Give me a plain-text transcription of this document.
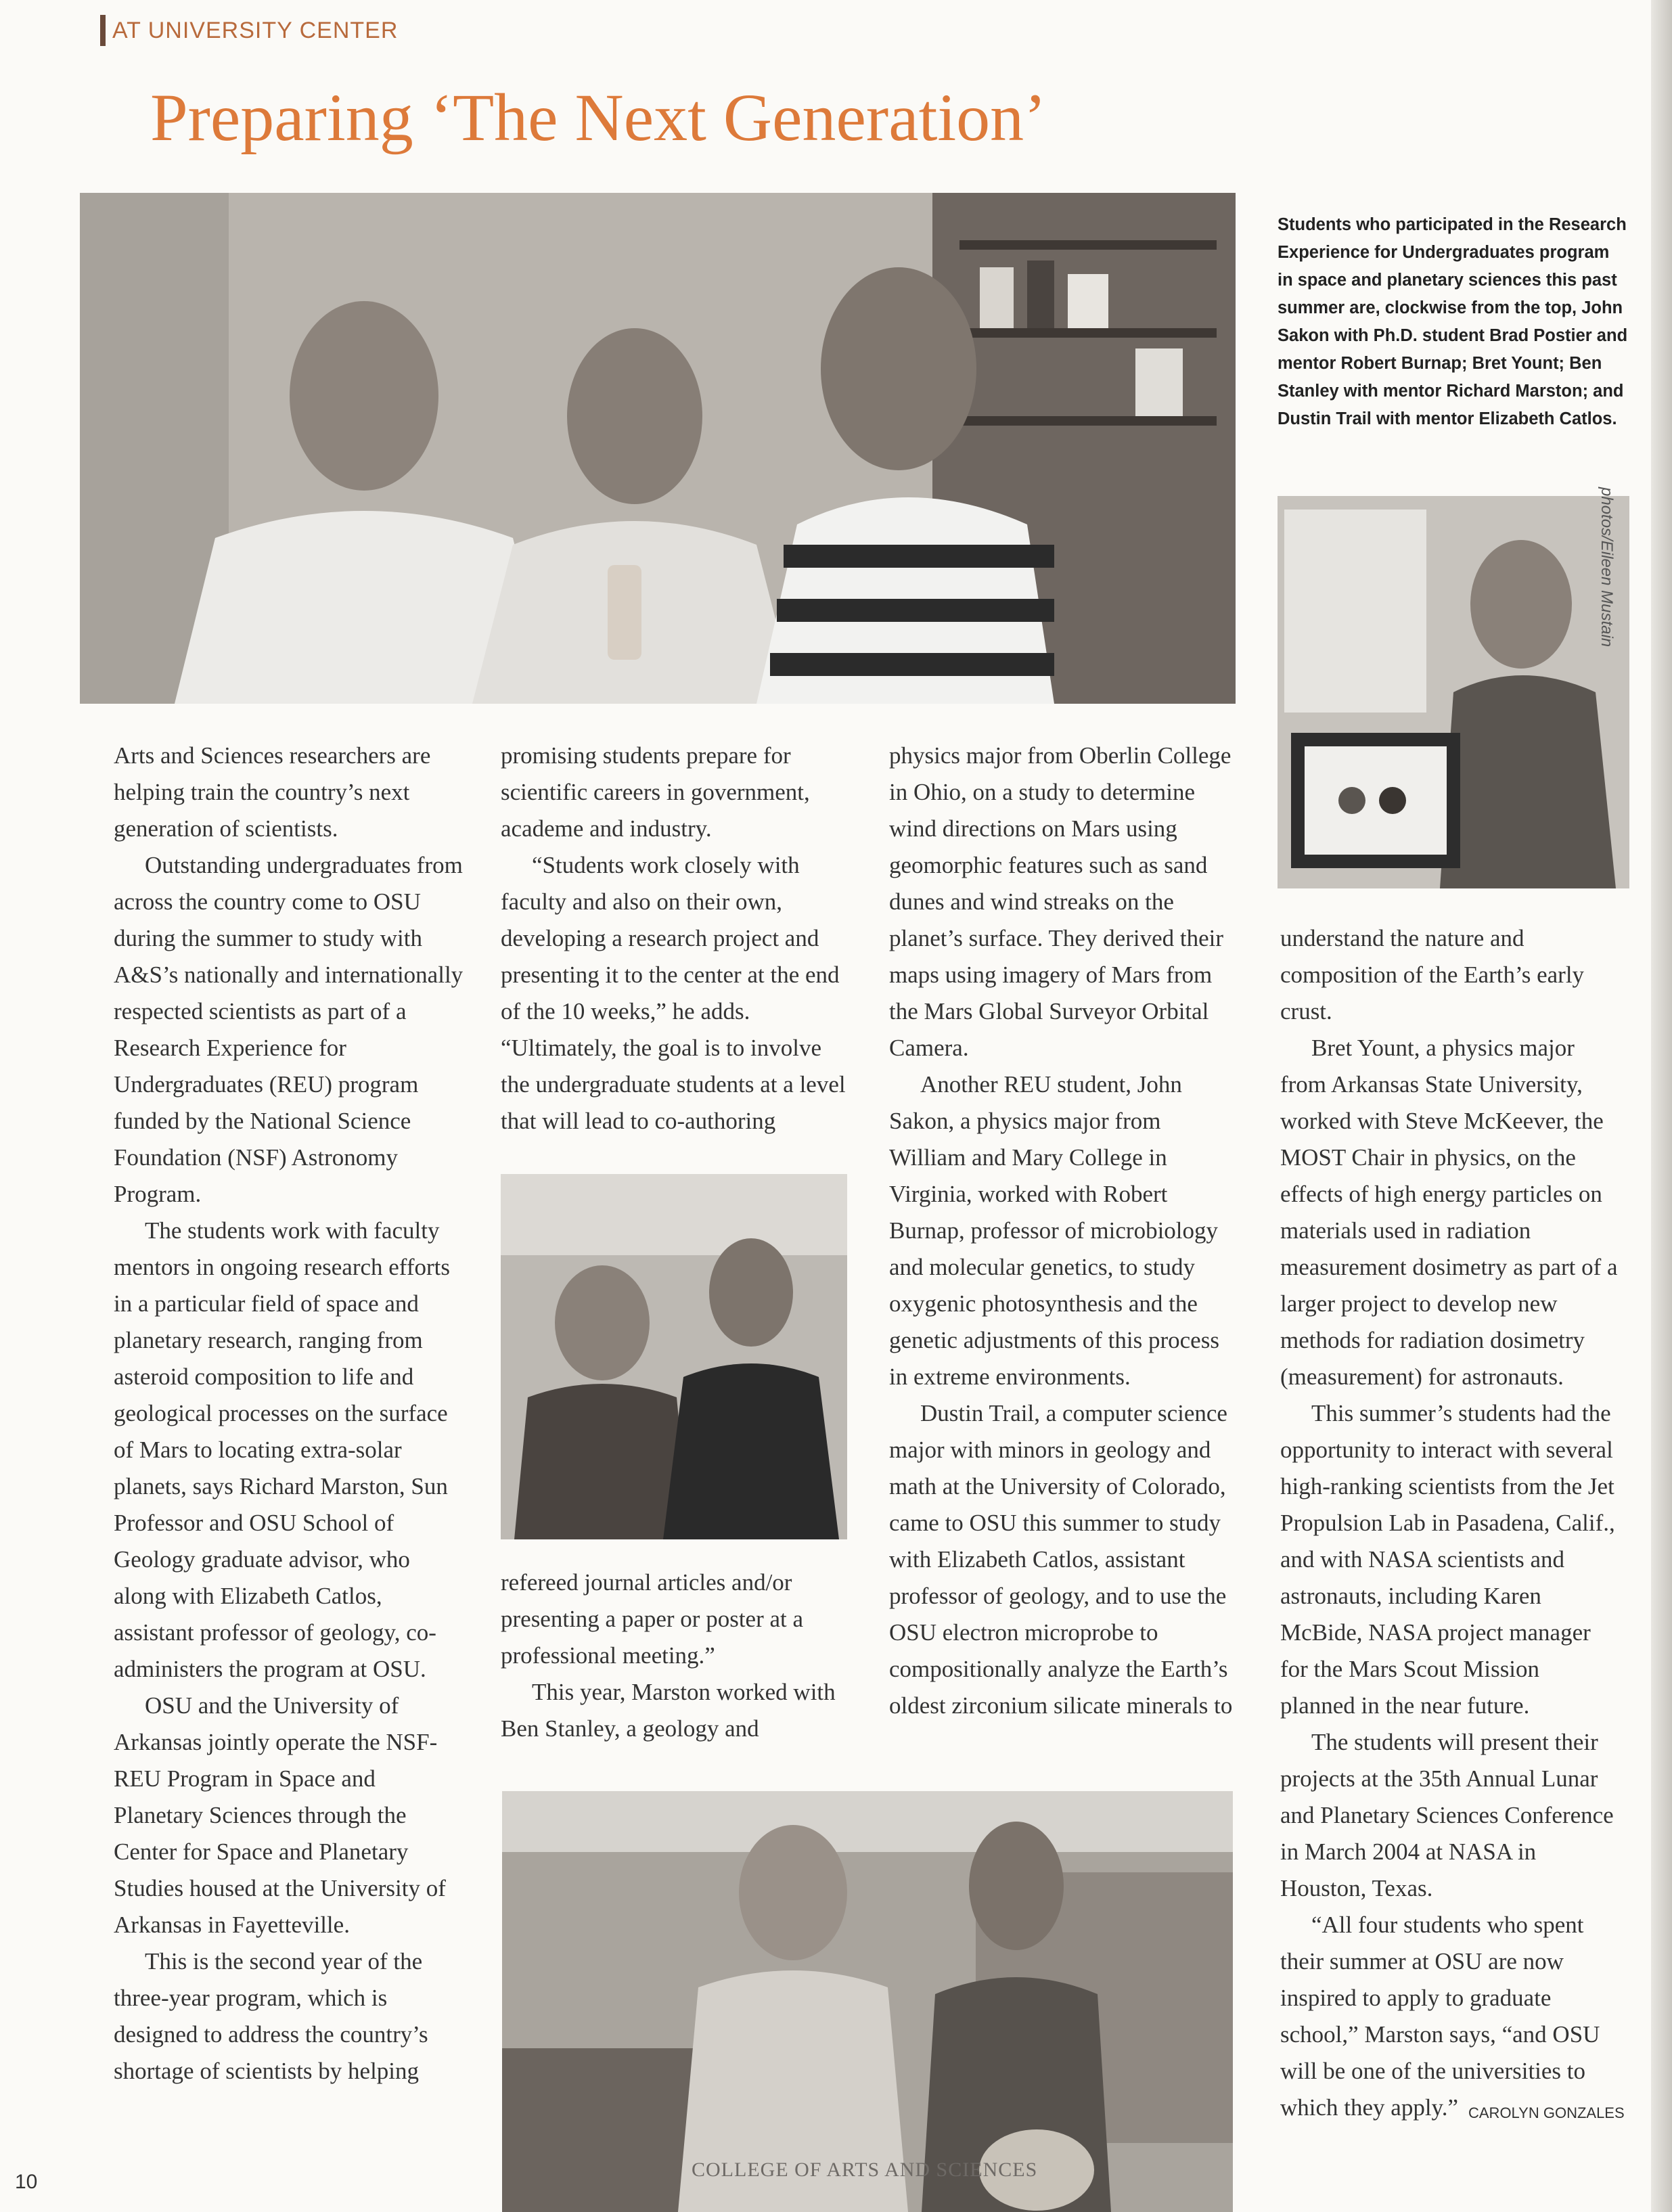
AT UNIVERSITY CENTER
Preparing ‘The Next Generation’
Students who participated in the Research Experience for Undergraduates program in space and planetary sciences this past summer are, clockwise from the top, John Sakon with Ph.D. student Brad Postier and mentor Robert Burnap; Bret Yount; Ben Stanley with mentor Richard Marston; and Dustin Trail with mentor Elizabeth Catlos.
photos/Eileen Mustain

Arts and Sciences researchers are helping train the country’s next generation of scientists.

Outstanding undergraduates from across the country come to OSU during the summer to study with A&S’s nationally and internationally respected scientists as part of a Research Experience for Undergraduates (REU) program funded by the National Science Foundation (NSF) Astronomy Program.

The students work with faculty mentors in ongoing research efforts in a particular field of space and planetary research, ranging from asteroid composition to life and geological processes on the surface of Mars to locating extra-solar planets, says Richard Marston, Sun Professor and OSU School of Geology graduate advisor, who along with Elizabeth Catlos, assistant professor of geology, co-administers the program at OSU.

OSU and the University of Arkansas jointly operate the NSF-REU Program in Space and Planetary Sciences through the Center for Space and Planetary Studies housed at the University of Arkansas in Fayetteville.

This is the second year of the three-year program, which is designed to address the country’s shortage of scientists by helping

promising students prepare for scientific careers in government, academe and industry.

“Students work closely with faculty and also on their own, developing a research project and presenting it to the center at the end of the 10 weeks,” he adds. “Ultimately, the goal is to involve the undergraduate students at a level that will lead to co-authoring

refereed journal articles and/or presenting a paper or poster at a professional meeting.”

This year, Marston worked with Ben Stanley, a geology and

physics major from Oberlin College in Ohio, on a study to determine wind directions on Mars using geomorphic features such as sand dunes and wind streaks on the planet’s surface. They derived their maps using imagery of Mars from the Mars Global Surveyor Orbital Camera.

Another REU student, John Sakon, a physics major from William and Mary College in Virginia, worked with Robert Burnap, professor of microbiology and molecular genetics, to study oxygenic photosynthesis and the genetic adjustments of this process in extreme environments.

Dustin Trail, a computer science major with minors in geology and math at the University of Colorado, came to OSU this summer to study with Elizabeth Catlos, assistant professor of geology, and to use the OSU electron microprobe to compositionally analyze the Earth’s oldest zirconium silicate minerals to

understand the nature and composition of the Earth’s early crust.

Bret Yount, a physics major from Arkansas State University, worked with Steve McKeever, the MOST Chair in physics, on the effects of high energy particles on materials used in radiation measurement dosimetry as part of a larger project to develop new methods for radiation dosimetry (measurement) for astronauts.

This summer’s students had the opportunity to interact with several high-ranking scientists from the Jet Propulsion Lab in Pasadena, Calif., and with NASA scientists and astronauts, including Karen McBide, NASA project manager for the Mars Scout Mission planned in the near future.

The students will present their projects at the 35th Annual Lunar and Planetary Sciences Conference in March 2004 at NASA in Houston, Texas.

“All four students who spent their summer at OSU are now inspired to apply to graduate school,” Marston says, “and OSU will be one of the universities to which they apply.” CAROLYN GONZALES
10
COLLEGE OF ARTS AND SCIENCES
